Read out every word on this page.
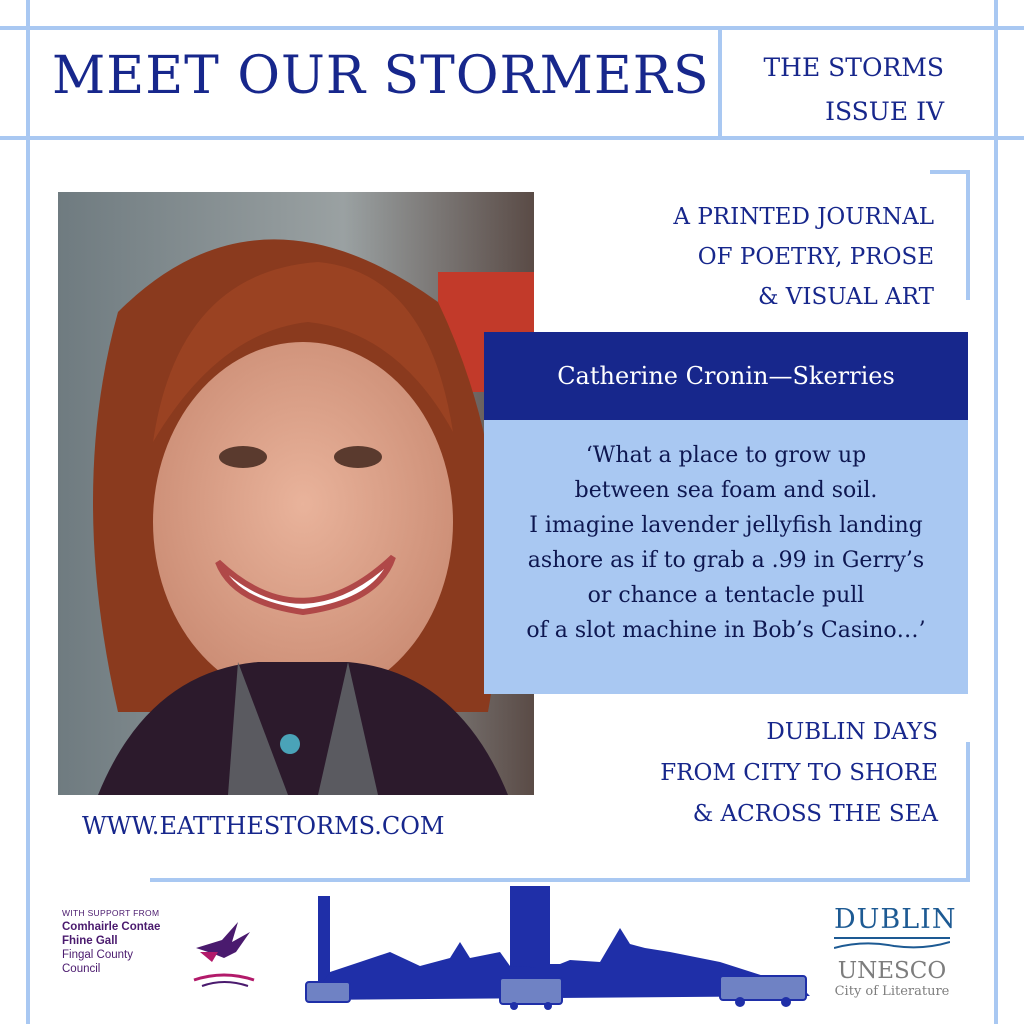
MEET OUR STORMERS THE STORMS
ISSUE IV
A PRINTED JOURNAL
OF POETRY, PROSE
& VISUAL ART
Catherine Cronin—Skerries
‘What a place to grow up
between sea foam and soil.
I imagine lavender jellyfish landing
ashore as if to grab a .99 in Gerry’s
or chance a tentacle pull
of a slot machine in Bob’s Casino…’
DUBLIN DAYS
FROM CITY TO SHORE
& ACROSS THE SEA
WWW.EATTHESTORMS.COM
WITH SUPPORT FROM
Comhairle Contae
Fhine Gall
Fingal County
Council
DUBLIN
UNESCO
City of Literature
